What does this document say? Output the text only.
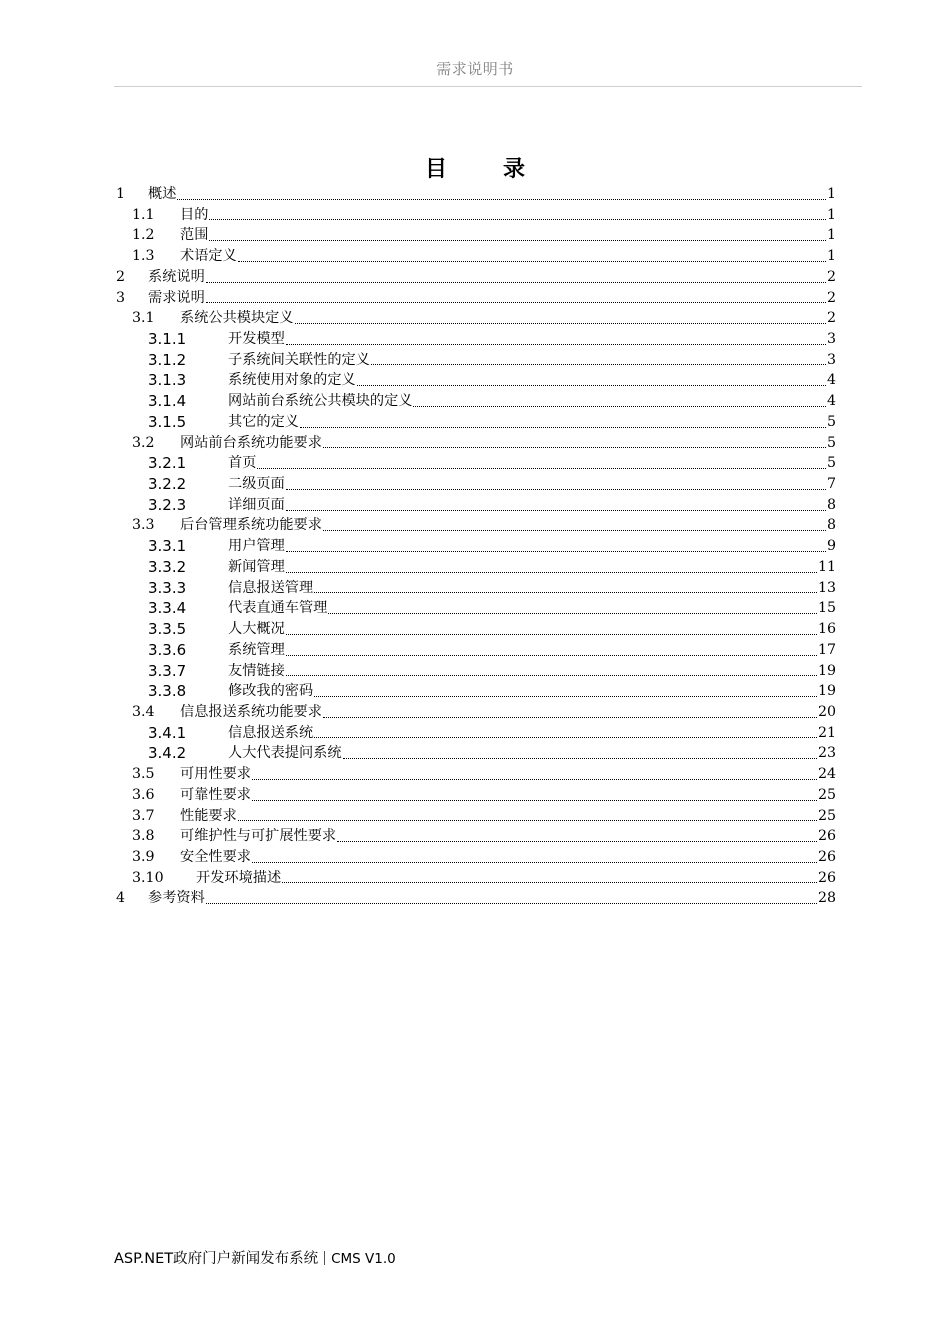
需求说明书
目	录
1	概述	1
1.1	目的	1
1.2	范围	1
1.3	术语定义	1
2	系统说明	2
3	需求说明	2
3.1	系统公共模块定义	2
3.1.1	开发模型	3
3.1.2	子系统间关联性的定义	3
3.1.3	系统使用对象的定义	4
3.1.4	网站前台系统公共模块的定义	4
3.1.5	其它的定义	5
3.2	网站前台系统功能要求	5
3.2.1	首页	5
3.2.2	二级页面	7
3.2.3	详细页面	8
3.3	后台管理系统功能要求	8
3.3.1	用户管理	9
3.3.2	新闻管理	11
3.3.3	信息报送管理	13
3.3.4	代表直通车管理	15
3.3.5	人大概况	16
3.3.6	系统管理	17
3.3.7	友情链接	19
3.3.8	修改我的密码	19
3.4	信息报送系统功能要求	20
3.4.1	信息报送系统	21
3.4.2	人大代表提问系统	23
3.5	可用性要求	24
3.6	可靠性要求	25
3.7	性能要求	25
3.8	可维护性与可扩展性要求	26
3.9	安全性要求	26
3.10	开发环境描述	26
4	参考资料	28
ASP.NET政府门户新闻发布系统 CMS V1.0
